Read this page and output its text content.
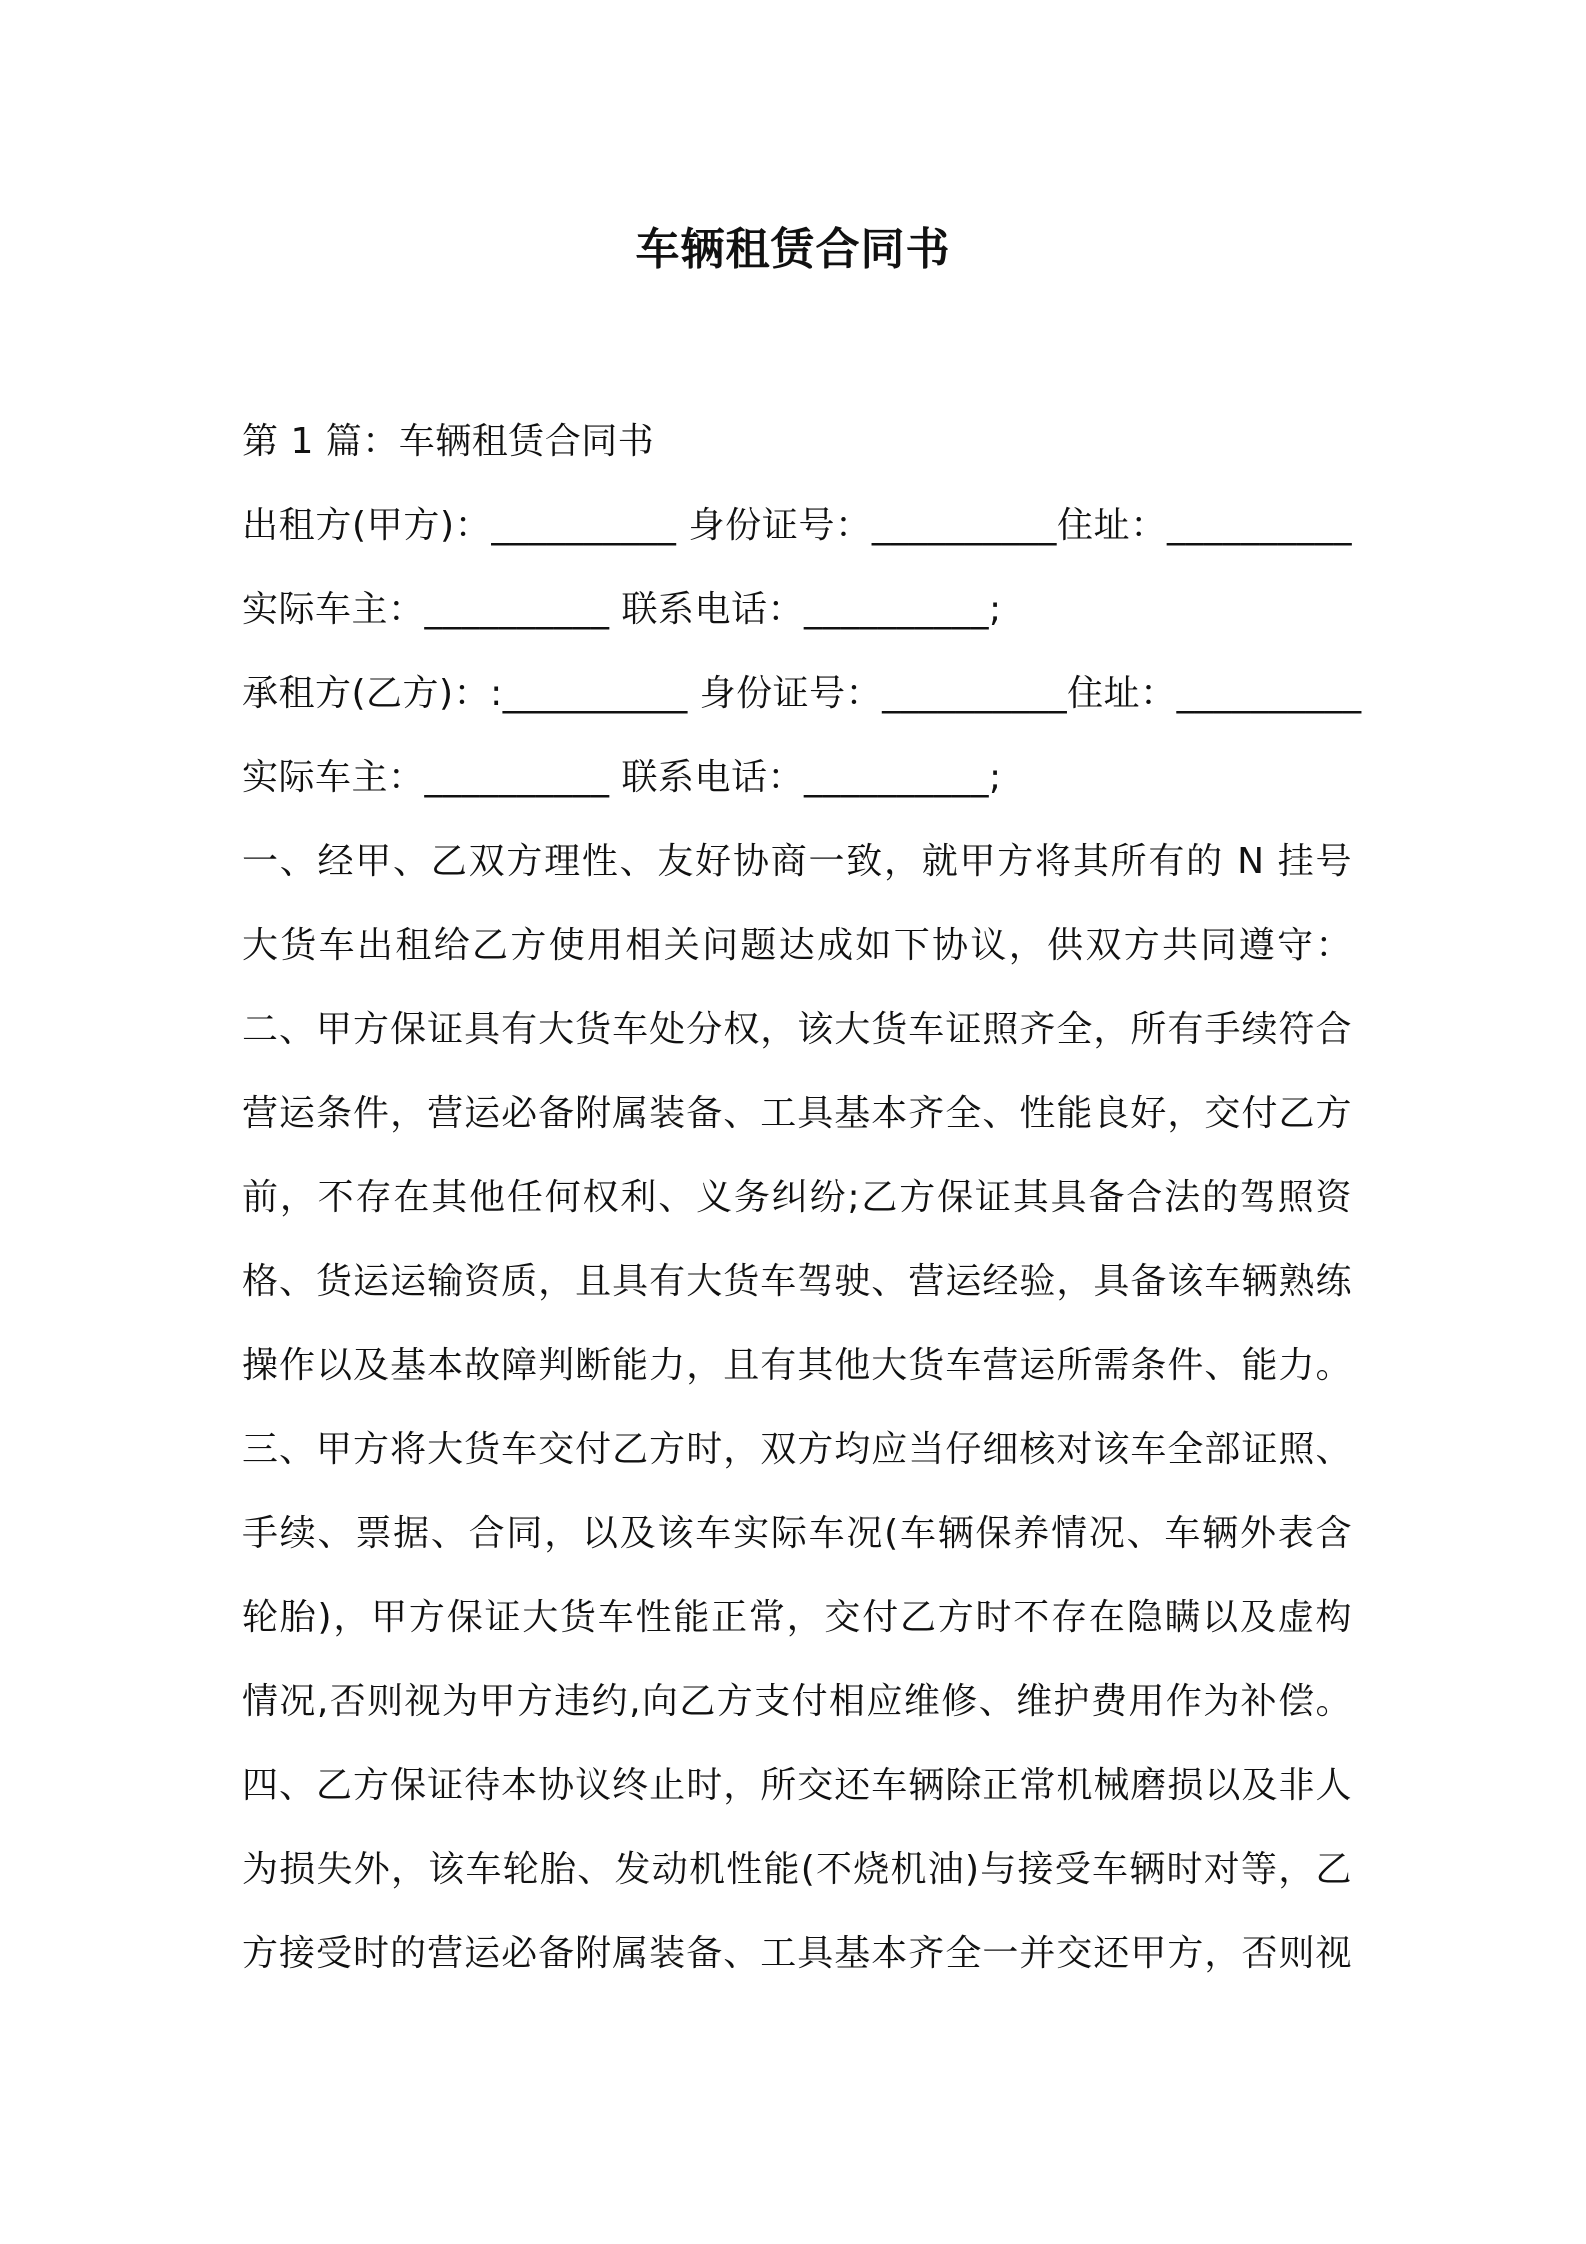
车辆租赁合同书
第 1 篇：车辆租赁合同书
出租方(甲方)：__________ 身份证号：__________住址：__________
实际车主：__________ 联系电话：__________;
承租方(乙方)：:__________ 身份证号：__________住址：__________
实际车主：__________ 联系电话：__________;
一、经甲、乙双方理性、友好协商一致，就甲方将其所有的 N 挂号
大货车出租给乙方使用相关问题达成如下协议，供双方共同遵守：
二、甲方保证具有大货车处分权，该大货车证照齐全，所有手续符合
营运条件，营运必备附属装备、工具基本齐全、性能良好，交付乙方
前，不存在其他任何权利、义务纠纷;乙方保证其具备合法的驾照资
格、货运运输资质，且具有大货车驾驶、营运经验，具备该车辆熟练
操作以及基本故障判断能力，且有其他大货车营运所需条件、能力。
三、甲方将大货车交付乙方时，双方均应当仔细核对该车全部证照、
手续、票据、合同，以及该车实际车况(车辆保养情况、车辆外表含
轮胎)，甲方保证大货车性能正常，交付乙方时不存在隐瞒以及虚构
情况,否则视为甲方违约,向乙方支付相应维修、维护费用作为补偿。
四、乙方保证待本协议终止时，所交还车辆除正常机械磨损以及非人
为损失外，该车轮胎、发动机性能(不烧机油)与接受车辆时对等，乙
方接受时的营运必备附属装备、工具基本齐全一并交还甲方，否则视
